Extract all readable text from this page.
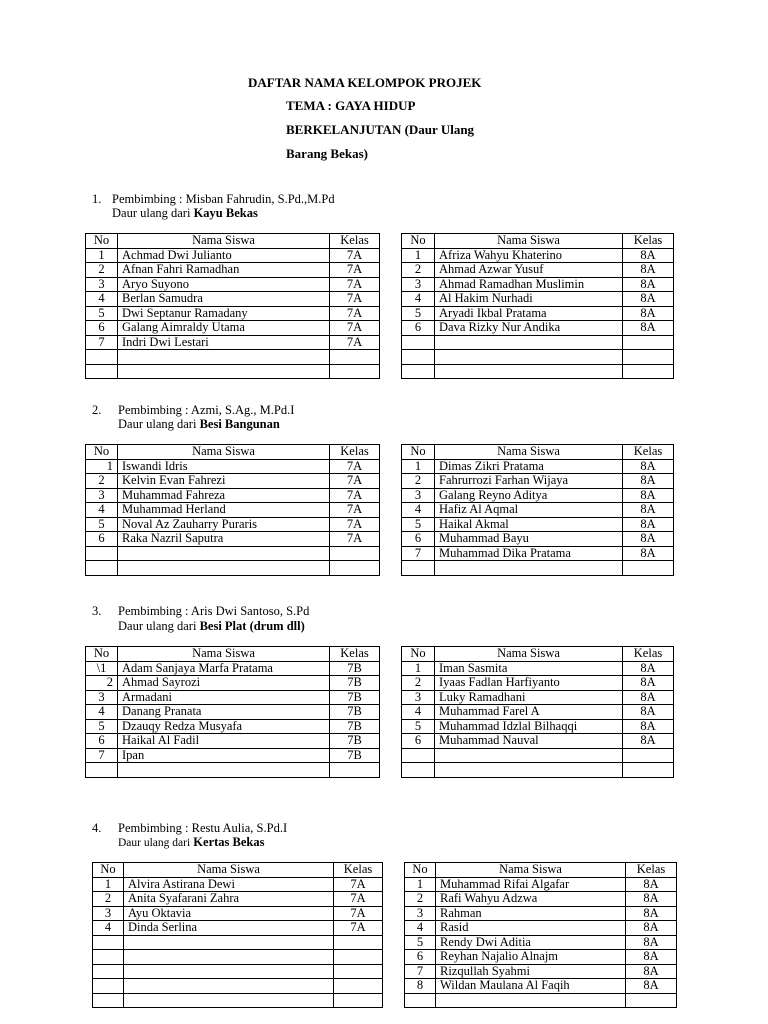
DAFTAR NAMA KELOMPOK PROJEK
TEMA : GAYA HIDUP
BERKELANJUTAN (Daur Ulang
Barang Bekas)
1. Pembimbing : Misban Fahrudin, S.Pd.,M.Pd
Daur ulang dari Kayu Bekas
No	Nama Siswa	Kelas		No	Nama Siswa	Kelas
1	Achmad Dwi Julianto	7A		1	Afriza Wahyu Khaterino	8A
2	Afnan Fahri Ramadhan	7A		2	Ahmad Azwar Yusuf	8A
3	Aryo Suyono	7A		3	Ahmad Ramadhan Muslimin	8A
4	Berlan Samudra	7A		4	Al Hakim Nurhadi	8A
5	Dwi Septanur Ramadany	7A		5	Aryadi Ikbal Pratama	8A
6	Galang Aimraldy Utama	7A		6	Dava Rizky Nur Andika	8A
7	Indri Dwi Lestari	7A				

2. Pembimbing : Azmi, S.Ag., M.Pd.I
Daur ulang dari Besi Bangunan
No	Nama Siswa	Kelas		No	Nama Siswa	Kelas
1	Iswandi Idris	7A		1	Dimas Zikri Pratama	8A
2	Kelvin Evan Fahrezi	7A		2	Fahrurrozi Farhan Wijaya	8A
3	Muhammad Fahreza	7A		3	Galang Reyno Aditya	8A
4	Muhammad Herland	7A		4	Hafiz Al Aqmal	8A
5	Noval Az Zauharry Puraris	7A		5	Haikal Akmal	8A
6	Raka Nazril Saputra	7A		6	Muhammad Bayu	8A
				7	Muhammad Dika Pratama	8A

3. Pembimbing : Aris Dwi Santoso, S.Pd
Daur ulang dari Besi Plat (drum dll)
No	Nama Siswa	Kelas		No	Nama Siswa	Kelas
\1	Adam Sanjaya Marfa Pratama	7B		1	Iman Sasmita	8A
2	Ahmad Sayrozi	7B		2	Iyaas Fadlan Harfiyanto	8A
3	Armadani	7B		3	Luky Ramadhani	8A
4	Danang Pranata	7B		4	Muhammad Farel A	8A
5	Dzauqy Redza Musyafa	7B		5	Muhammad Idzlal Bilhaqqi	8A
6	Haikal Al Fadil	7B		6	Muhammad Nauval	8A
7	Ipan	7B				

4. Pembimbing : Restu Aulia, S.Pd.I
Daur ulang dari Kertas Bekas
No	Nama Siswa	Kelas		No	Nama Siswa	Kelas
1	Alvira Astirana Dewi	7A		1	Muhammad Rifai Algafar	8A
2	Anita Syafarani Zahra	7A		2	Rafi Wahyu Adzwa	8A
3	Ayu Oktavia	7A		3	Rahman	8A
4	Dinda Serlina	7A		4	Rasid	8A
				5	Rendy Dwi Aditia	8A
				6	Reyhan Najalio Alnajm	8A
				7	Rizqullah Syahmi	8A
				8	Wildan Maulana Al Faqih	8A
